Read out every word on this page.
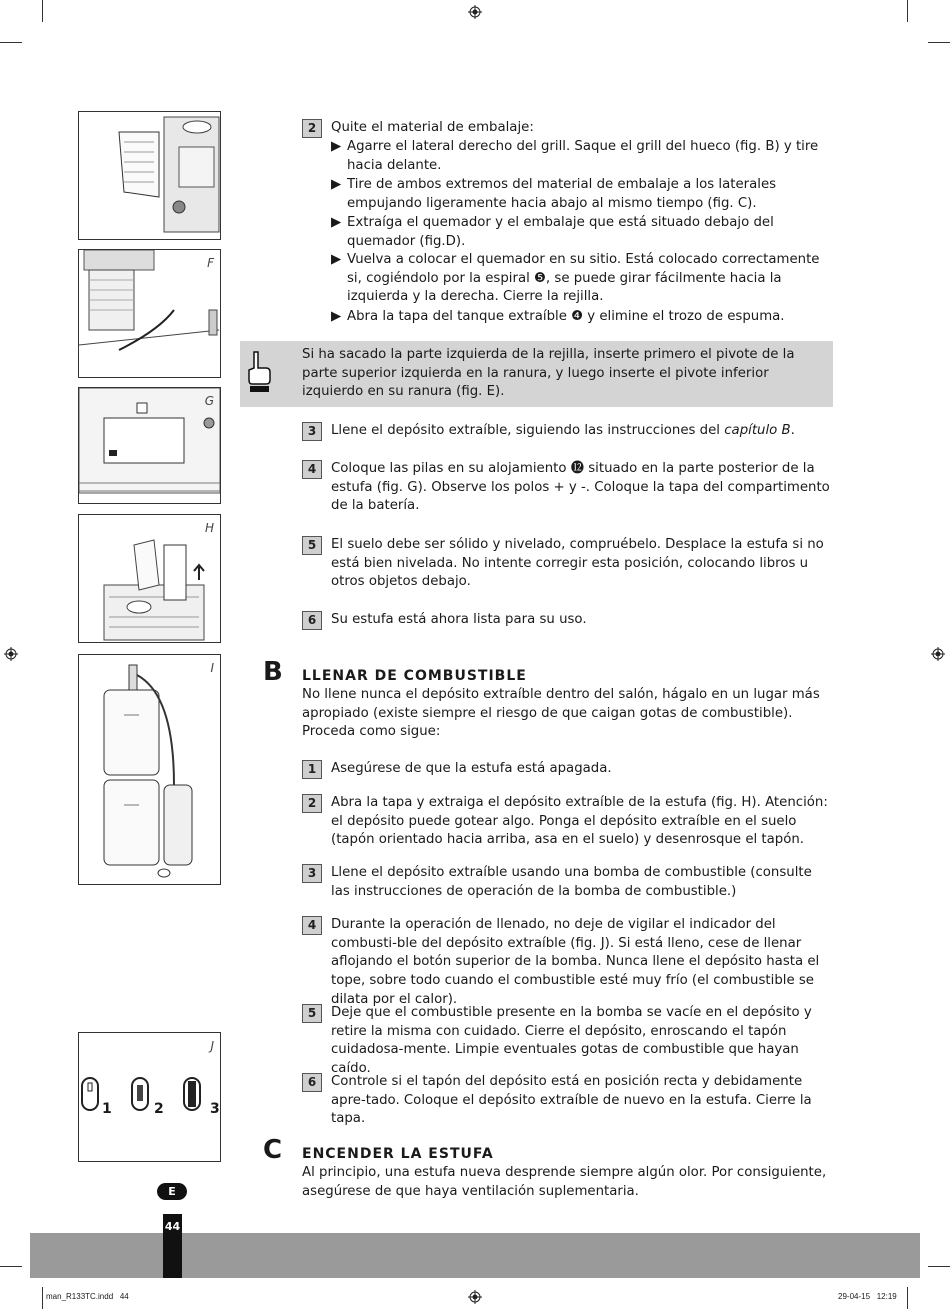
F
G
H
I
J
1	2	3
2	Quite el material de embalaje:
▶ Agarre el lateral derecho del grill. Saque el grill del hueco (fig. B) y tire hacia delante.
▶ Tire de ambos extremos del material de embalaje a los laterales empujando ligeramente hacia abajo al mismo tiempo (fig. C).
▶ Extraíga el quemador y el embalaje que está situado debajo del quemador (fig.D).
▶ Vuelva a colocar el quemador en su sitio. Está colocado correctamente si, cogiéndolo por la espiral ❺, se puede girar fácilmente hacia la izquierda y la derecha. Cierre la rejilla.
▶ Abra la tapa del tanque extraíble ❹ y elimine el trozo de espuma.
Si ha sacado la parte izquierda de la rejilla, inserte primero el pivote de la parte superior izquierda en la ranura, y luego inserte el pivote inferior izquierdo en su ranura (fig. E).
3	Llene el depósito extraíble, siguiendo las instrucciones del capítulo B.
4	Coloque las pilas en su alojamiento ⓬ situado en la parte posterior de la estufa (fig. G). Observe los polos + y -. Coloque la tapa del compartimento de la batería.
5	El suelo debe ser sólido y nivelado, compruébelo. Desplace la estufa si no está bien nivelada. No intente corregir esta posición, colocando libros u otros objetos debajo.
6	Su estufa está ahora lista para su uso.
B LLENAR DE COMBUSTIBLE
No llene nunca el depósito extraíble dentro del salón, hágalo en un lugar más apropiado (existe siempre el riesgo de que caigan gotas de combustible). Proceda como sigue:
1	Asegúrese de que la estufa está apagada.
2	Abra la tapa y extraiga el depósito extraíble de la estufa (fig. H). Atención: el depósito puede gotear algo. Ponga el depósito extraíble en el suelo (tapón orientado hacia arriba, asa en el suelo) y desenrosque el tapón.
3	Llene el depósito extraíble usando una bomba de combustible (consulte las instrucciones de operación de la bomba de combustible.)
4	Durante la operación de llenado, no deje de vigilar el indicador del combusti-ble del depósito extraíble (fig. J). Si está lleno, cese de llenar aflojando el botón superior de la bomba. Nunca llene el depósito hasta el tope, sobre todo cuando el combustible esté muy frío (el combustible se dilata por el calor).
5	Deje que el combustible presente en la bomba se vacíe en el depósito y retire la misma con cuidado. Cierre el depósito, enroscando el tapón cuidadosa-mente. Limpie eventuales gotas de combustible que hayan caído.
6	Controle si el tapón del depósito está en posición recta y debidamente apre-tado. Coloque el depósito extraíble de nuevo en la estufa. Cierre la tapa.
C ENCENDER LA ESTUFA
Al principio, una estufa nueva desprende siempre algún olor. Por consiguiente, asegúrese de que haya ventilación suplementaria.
E
44
man_R133TC.indd   44	29-04-15   12:19
